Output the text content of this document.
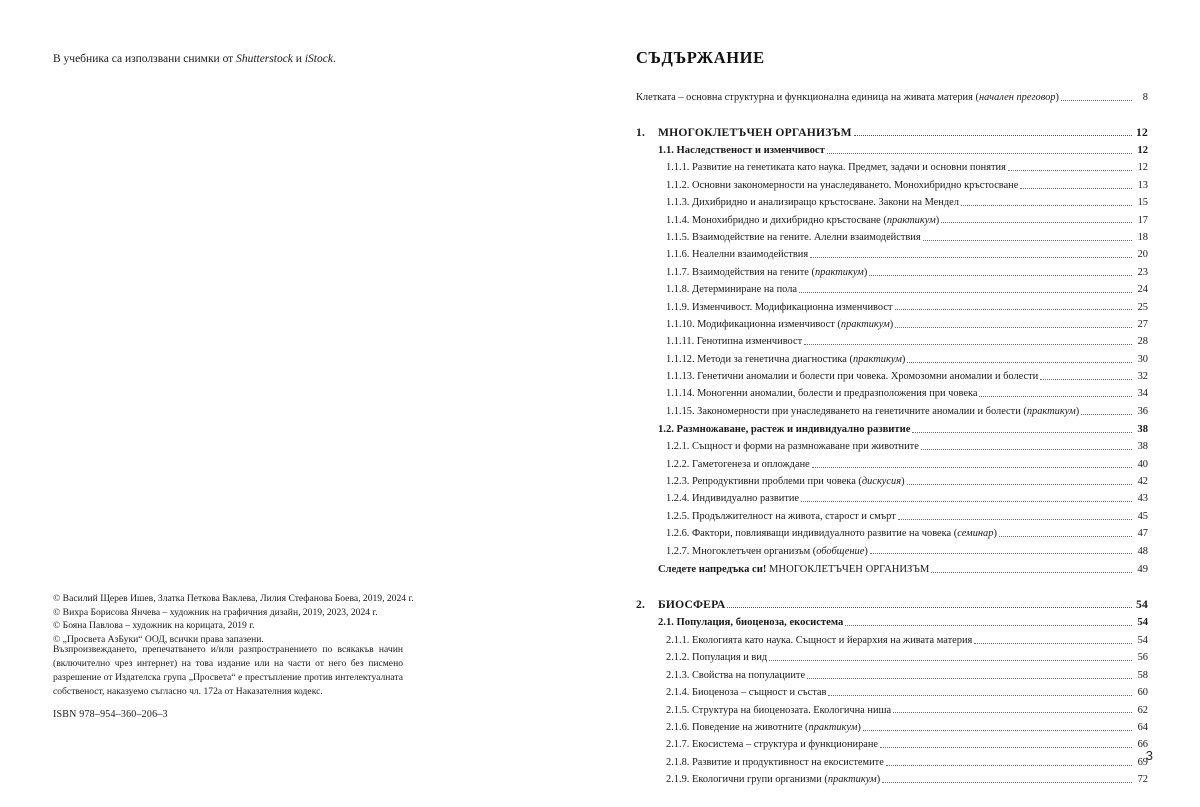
В учебника са използвани снимки от Shutterstock и iStock.
© Василий Щерев Ишев, Златка Петкова Ваклева, Лилия Стефанова Боева, 2019, 2024 г.
© Вихра Борисова Янчева – художник на графичния дизайн, 2019, 2023, 2024 г.
© Бояна Павлова – художник на корицата, 2019 г.
© „Просвета АзБуки“ ООД, всички права запазени.
Възпроизвеждането, препечатването и/или разпространението по всякакъв начин (включително чрез интернет) на това издание или на части от него без писмено разрешение от Издателска група „Просвета“ е престъпление против интелектуалната собственост, наказуемо съгласно чл. 172а от Наказателния кодекс.
ISBN 978–954–360–206–3
СЪДЪРЖАНИЕ
Клетката – основна структурна и функционална единица на живата материя (начален преговор)	8
1. МНОГОКЛЕТЪЧЕН ОРГАНИЗЪМ	12
1.1. Наследственост и изменчивост	12
1.1.1. Развитие на генетиката като наука. Предмет, задачи и основни понятия	12
1.1.2. Основни закономерности на унаследяването. Монохибридно кръстосване	13
1.1.3. Дихибридно и анализиращо кръстосване. Закони на Мендел	15
1.1.4. Монохибридно и дихибридно кръстосване (практикум)	17
1.1.5. Взаимодействие на гените. Алелни взаимодействия	18
1.1.6. Неалелни взаимодействия	20
1.1.7. Взаимодействия на гените (практикум)	23
1.1.8. Детерминиране на пола	24
1.1.9. Изменчивост. Модификационна изменчивост	25
1.1.10. Модификационна изменчивост (практикум)	27
1.1.11. Генотипна изменчивост	28
1.1.12. Методи за генетична диагностика (практикум)	30
1.1.13. Генетични аномалии и болести при човека. Хромозомни аномалии и болести	32
1.1.14. Моногенни аномалии, болести и предразположения при човека	34
1.1.15. Закономерности при унаследяването на генетичните аномалии и болести (практикум)	36
1.2. Размножаване, растеж и индивидуално развитие	38
1.2.1. Същност и форми на размножаване при животните	38
1.2.2. Гаметогенеза и оплождане	40
1.2.3. Репродуктивни проблеми при човека (дискусия)	42
1.2.4. Индивидуално развитие	43
1.2.5. Продължителност на живота, старост и смърт	45
1.2.6. Фактори, повлияващи индивидуалното развитие на човека (семинар)	47
1.2.7. Многоклетъчен организъм (обобщение)	48
Следете напредъка си! МНОГОКЛЕТЪЧЕН ОРГАНИЗЪМ	49
2. БИОСФЕРА	54
2.1. Популация, биоценоза, екосистема	54
2.1.1. Екологията като наука. Същност и йерархия на живата материя	54
2.1.2. Популация и вид	56
2.1.3. Свойства на популациите	58
2.1.4. Биоценоза – същност и състав	60
2.1.5. Структура на биоценозата. Екологична ниша	62
2.1.6. Поведение на животните (практикум)	64
2.1.7. Екосистема – структура и функциониране	66
2.1.8. Развитие и продуктивност на екосистемите	69
2.1.9. Екологични групи организми (практикум)	72
3
